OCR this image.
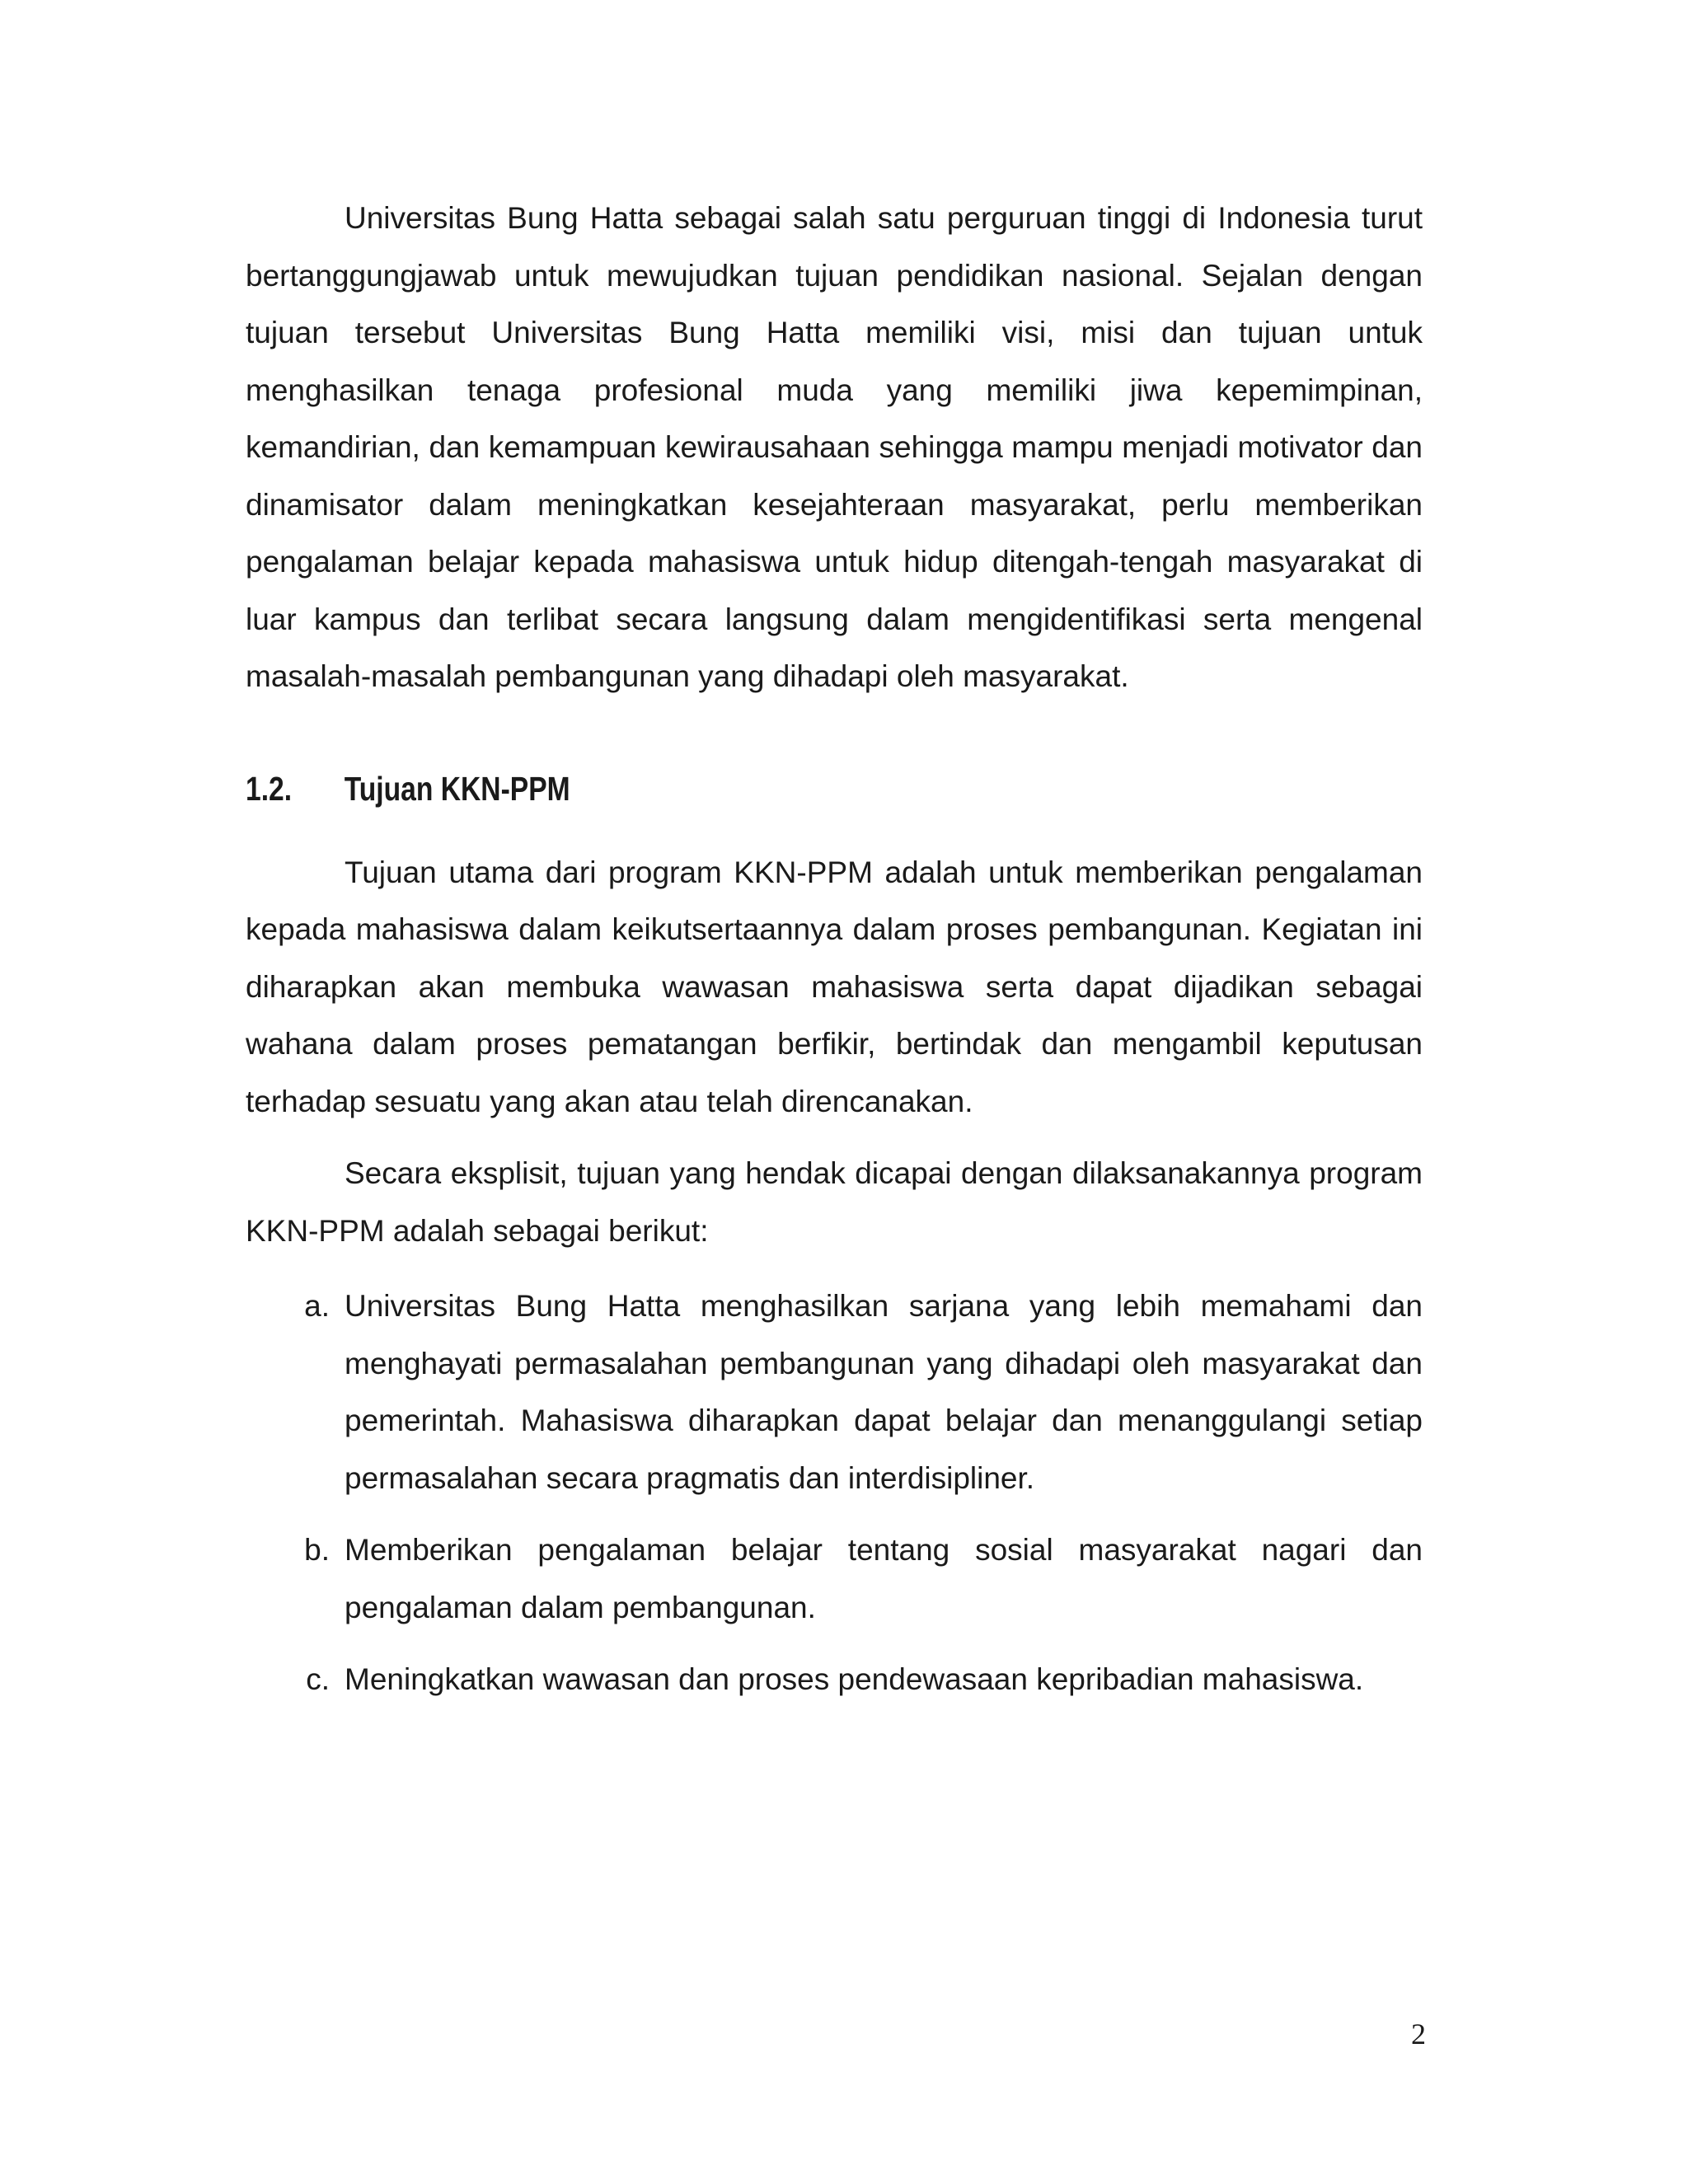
Universitas Bung Hatta sebagai salah satu perguruan tinggi di Indonesia turut bertanggungjawab untuk mewujudkan tujuan pendidikan nasional. Sejalan dengan tujuan tersebut Universitas Bung Hatta memiliki visi, misi dan tujuan untuk menghasilkan tenaga profesional muda yang memiliki jiwa kepemimpinan, kemandirian, dan kemampuan kewirausahaan sehingga mampu menjadi motivator dan dinamisator dalam meningkatkan kesejahteraan masyarakat, perlu memberikan pengalaman belajar kepada mahasiswa untuk hidup ditengah-tengah masyarakat di luar kampus dan terlibat secara langsung dalam mengidentifikasi serta mengenal masalah-masalah pembangunan yang dihadapi oleh masyarakat.

1.2.	Tujuan KKN-PPM

Tujuan utama dari program KKN-PPM adalah untuk memberikan pengalaman kepada mahasiswa dalam keikutsertaannya dalam proses pembangunan. Kegiatan ini diharapkan akan membuka wawasan mahasiswa serta dapat dijadikan sebagai wahana dalam proses pematangan berfikir, bertindak dan mengambil keputusan terhadap sesuatu yang akan atau telah direncanakan.

Secara eksplisit, tujuan yang hendak dicapai dengan dilaksanakannya program KKN-PPM adalah sebagai berikut:

a. Universitas Bung Hatta menghasilkan sarjana yang lebih memahami dan menghayati permasalahan pembangunan yang dihadapi oleh masyarakat dan pemerintah. Mahasiswa diharapkan dapat belajar dan menanggulangi setiap permasalahan secara pragmatis dan interdisipliner.
b. Memberikan pengalaman belajar tentang sosial masyarakat nagari dan pengalaman dalam pembangunan.
c. Meningkatkan wawasan dan proses pendewasaan kepribadian mahasiswa.
2
